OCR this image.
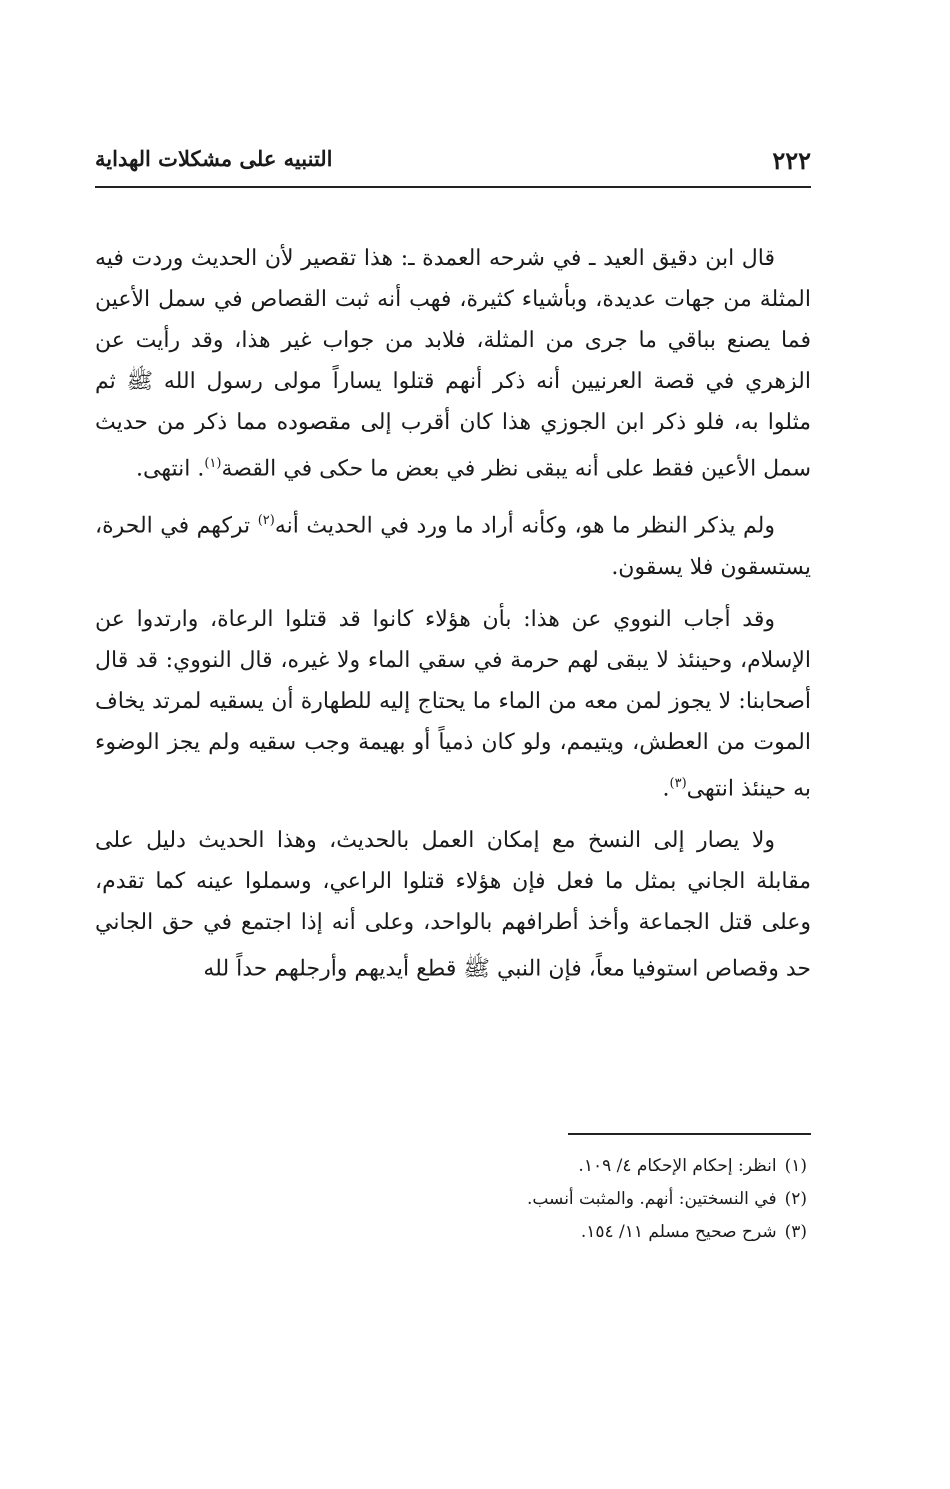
٢٢٢
التنبيه على مشكلات الهداية

قال ابن دقيق العيد ـ في شرحه العمدة ـ: هذا تقصير لأن الحديث وردت فيه المثلة من جهات عديدة، وبأشياء كثيرة، فهب أنه ثبت القصاص في سمل الأعين فما يصنع بباقي ما جرى من المثلة، فلابد من جواب غير هذا، وقد رأيت عن الزهري في قصة العرنيين أنه ذكر أنهم قتلوا يساراً مولى رسول الله ﷺ ثم مثلوا به، فلو ذكر ابن الجوزي هذا كان أقرب إلى مقصوده مما ذكر من حديث سمل الأعين فقط على أنه يبقى نظر في بعض ما حكى في القصة$^{(١)}$. انتهى.

ولم يذكر النظر ما هو، وكأنه أراد ما ورد في الحديث أنه$^{(٢)}$ تركهم في الحرة، يستسقون فلا يسقون.

وقد أجاب النووي عن هذا: بأن هؤلاء كانوا قد قتلوا الرعاة، وارتدوا عن الإسلام، وحينئذ لا يبقى لهم حرمة في سقي الماء ولا غيره، قال النووي: قد قال أصحابنا: لا يجوز لمن معه من الماء ما يحتاج إليه للطهارة أن يسقيه لمرتد يخاف الموت من العطش، ويتيمم، ولو كان ذمياً أو بهيمة وجب سقيه ولم يجز الوضوء به حينئذ انتهى$^{(٣)}$.

ولا يصار إلى النسخ مع إمكان العمل بالحديث، وهذا الحديث دليل على مقابلة الجاني بمثل ما فعل فإن هؤلاء قتلوا الراعي، وسملوا عينه كما تقدم، وعلى قتل الجماعة وأخذ أطرافهم بالواحد، وعلى أنه إذا اجتمع في حق الجاني حد وقصاص استوفيا معاً، فإن النبي ﷺ قطع أيديهم وأرجلهم حداً لله

(١)انظر: إحكام الإحكام ٤/ ١٠٩.
(٢)في النسختين: أنهم. والمثبت أنسب.
(٣)شرح صحيح مسلم ١١/ ١٥٤.
